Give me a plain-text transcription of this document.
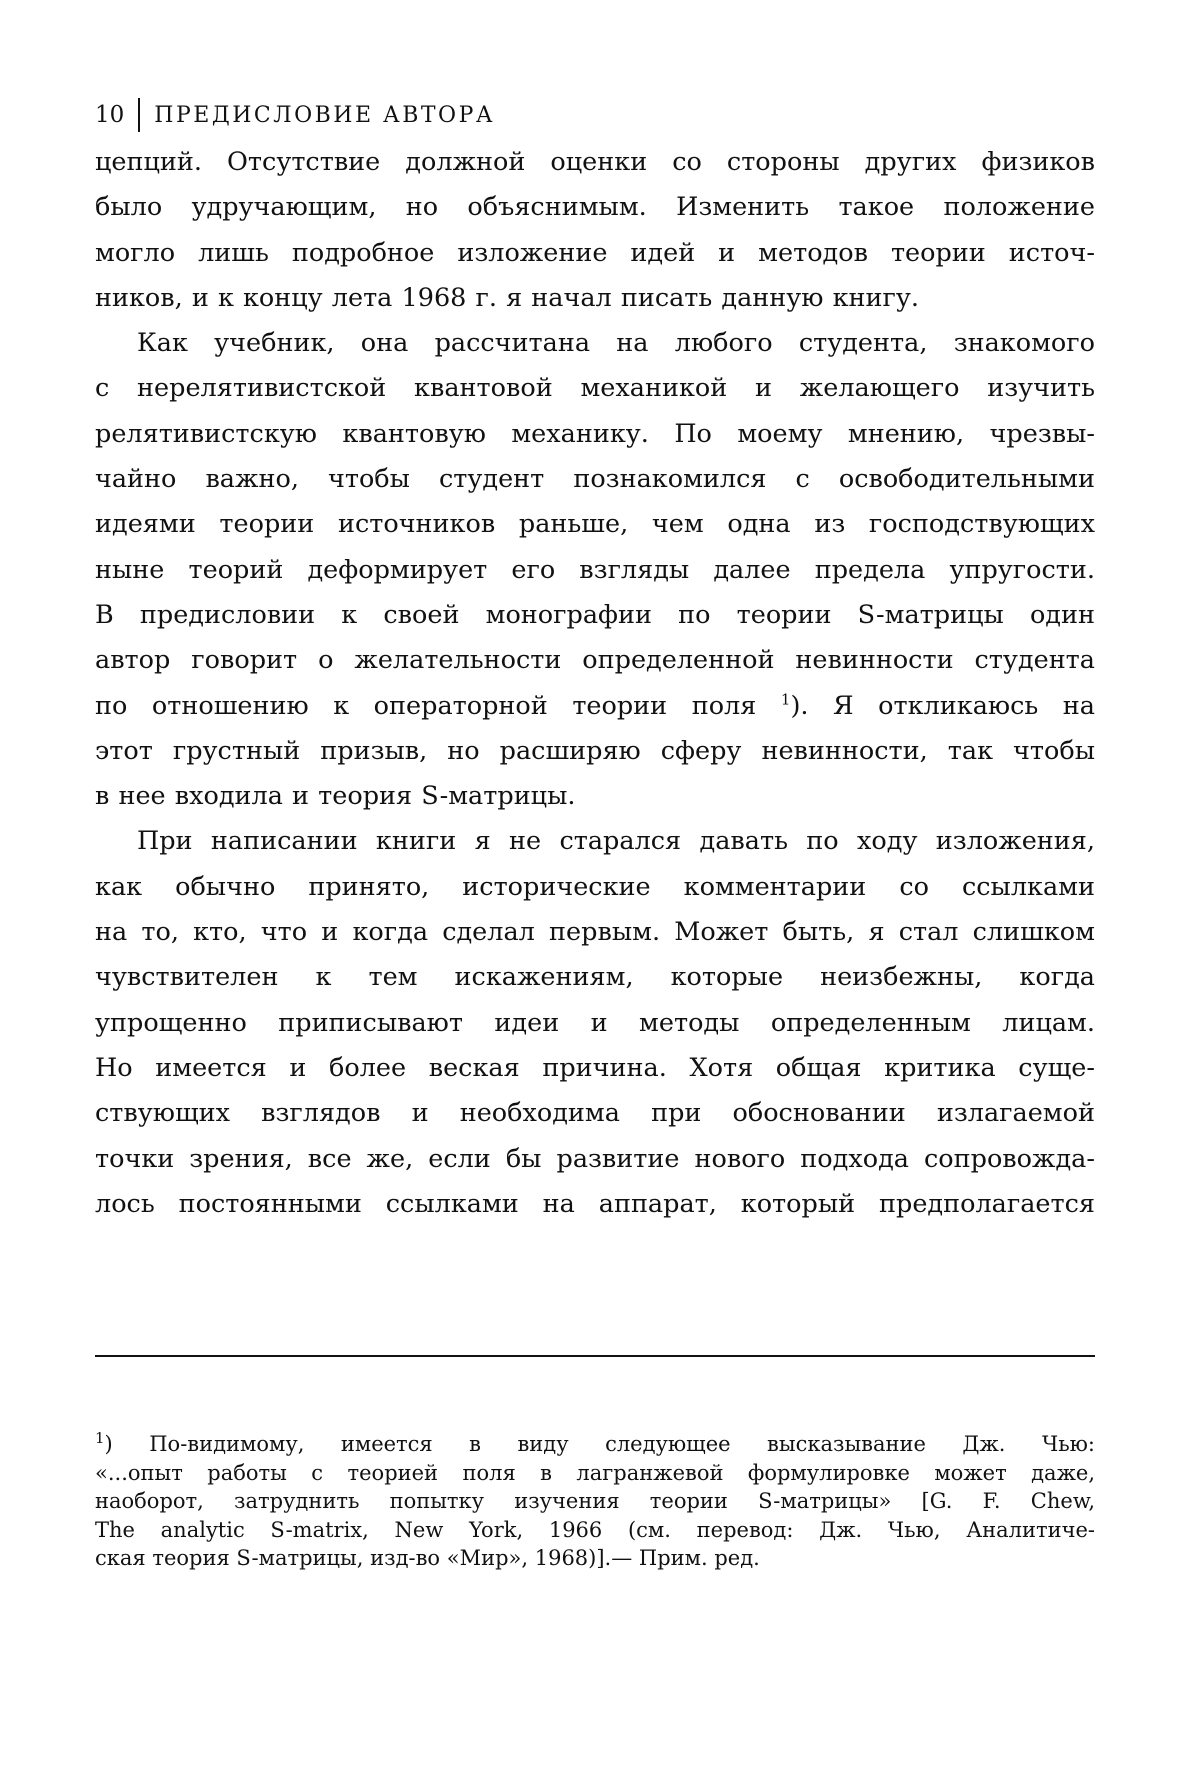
10 ПРЕДИСЛОВИЕ АВТОРА
цепций. Отсутствие должной оценки со стороны других физиков
было удручающим, но объяснимым. Изменить такое положение
могло лишь подробное изложение идей и методов теории источ-
ников, и к концу лета 1968 г. я начал писать данную книгу.
Как учебник, она рассчитана на любого студента, знакомого
с нерелятивистской квантовой механикой и желающего изучить
релятивистскую квантовую механику. По моему мнению, чрезвы-
чайно важно, чтобы студент познакомился с освободительными
идеями теории источников раньше, чем одна из господствующих
ныне теорий деформирует его взгляды далее предела упругости.
В предисловии к своей монографии по теории S-матрицы один
автор говорит о желательности определенной невинности студента
по отношению к операторной теории поля $^1$). Я откликаюсь на
этот грустный призыв, но расширяю сферу невинности, так чтобы
в нее входила и теория S-матрицы.
При написании книги я не старался давать по ходу изложения,
как обычно принято, исторические комментарии со ссылками
на то, кто, что и когда сделал первым. Может быть, я стал слишком
чувствителен к тем искажениям, которые неизбежны, когда
упрощенно приписывают идеи и методы определенным лицам.
Но имеется и более веская причина. Хотя общая критика суще-
ствующих взглядов и необходима при обосновании излагаемой
точки зрения, все же, если бы развитие нового подхода сопровожда-
лось постоянными ссылками на аппарат, который предполагается
$^1$) По-видимому, имеется в виду следующее высказывание Дж. Чью:
«...опыт работы с теорией поля в лагранжевой формулировке может даже,
наоборот, затруднить попытку изучения теории S-матрицы» [G. F. Chew,
The analytic S-matrix, New York, 1966 (см. перевод: Дж. Чью, Аналитиче-
ская теория S-матрицы, изд-во «Мир», 1968)].— Прим. ред.
